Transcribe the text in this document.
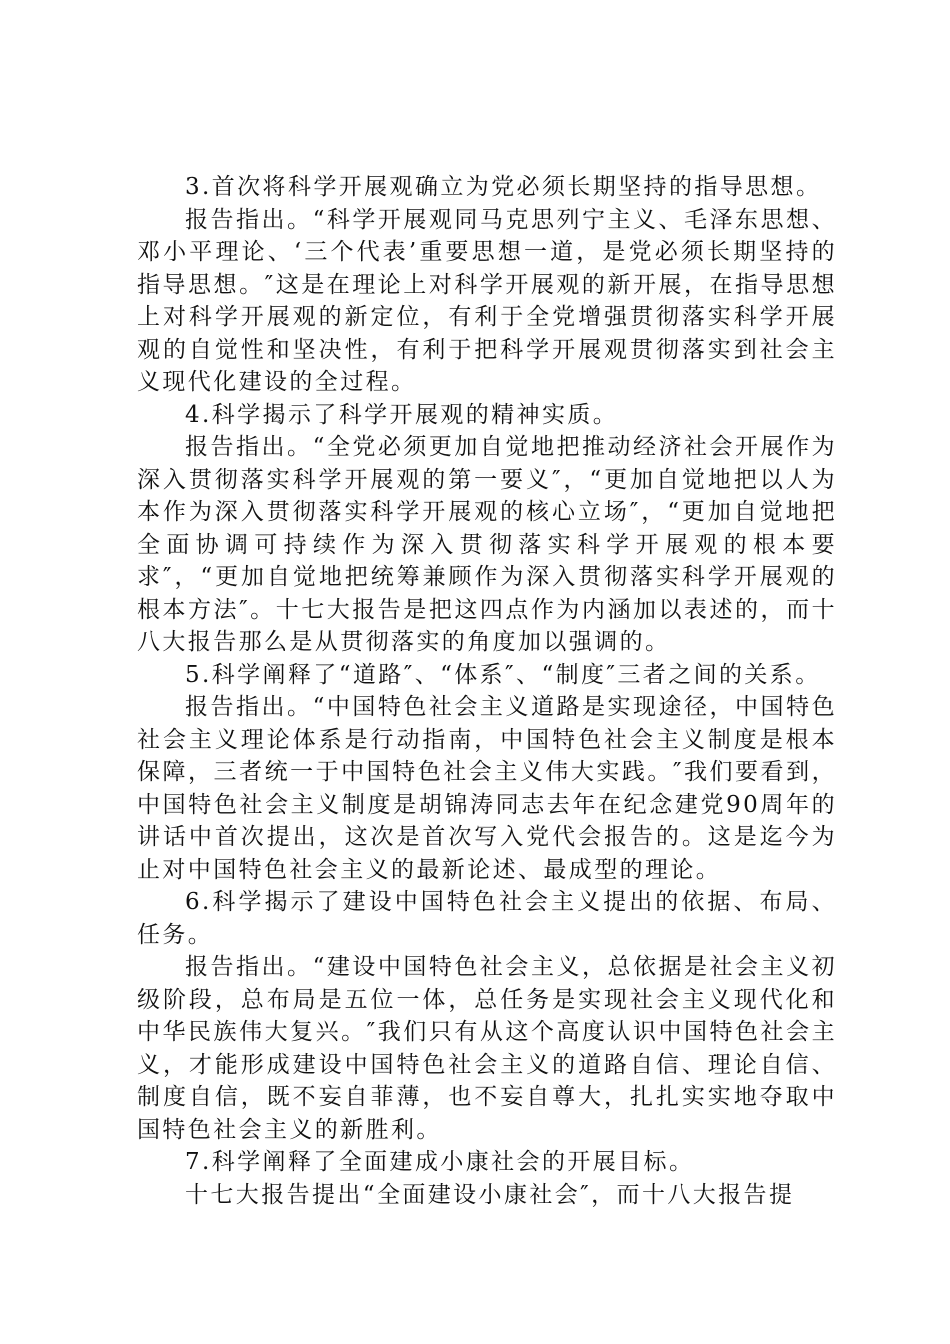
3.首次将科学开展观确立为党必须长期坚持的指导思想。

报告指出。“科学开展观同马克思列宁主义、毛泽东思想、邓小平理论、‘三个代表’重要思想一道，是党必须长期坚持的指导思想。″这是在理论上对科学开展观的新开展，在指导思想上对科学开展观的新定位，有利于全党增强贯彻落实科学开展观的自觉性和坚决性，有利于把科学开展观贯彻落实到社会主义现代化建设的全过程。

4.科学揭示了科学开展观的精神实质。

报告指出。“全党必须更加自觉地把推动经济社会开展作为深入贯彻落实科学开展观的第一要义″，“更加自觉地把以人为本作为深入贯彻落实科学开展观的核心立场″，“更加自觉地把全面协调可持续作为深入贯彻落实科学开展观的根本要求″，“更加自觉地把统筹兼顾作为深入贯彻落实科学开展观的根本方法″。十七大报告是把这四点作为内涵加以表述的，而十八大报告那么是从贯彻落实的角度加以强调的。

5.科学阐释了“道路″、“体系″、“制度″三者之间的关系。

报告指出。“中国特色社会主义道路是实现途径，中国特色社会主义理论体系是行动指南，中国特色社会主义制度是根本保障，三者统一于中国特色社会主义伟大实践。″我们要看到，中国特色社会主义制度是胡锦涛同志去年在纪念建党90周年的讲话中首次提出，这次是首次写入党代会报告的。这是迄今为止对中国特色社会主义的最新论述、最成型的理论。

6.科学揭示了建设中国特色社会主义提出的依据、布局、任务。

报告指出。“建设中国特色社会主义，总依据是社会主义初级阶段，总布局是五位一体，总任务是实现社会主义现代化和中华民族伟大复兴。″我们只有从这个高度认识中国特色社会主义，才能形成建设中国特色社会主义的道路自信、理论自信、制度自信，既不妄自菲薄，也不妄自尊大，扎扎实实地夺取中国特色社会主义的新胜利。

7.科学阐释了全面建成小康社会的开展目标。

十七大报告提出“全面建设小康社会″，而十八大报告提
